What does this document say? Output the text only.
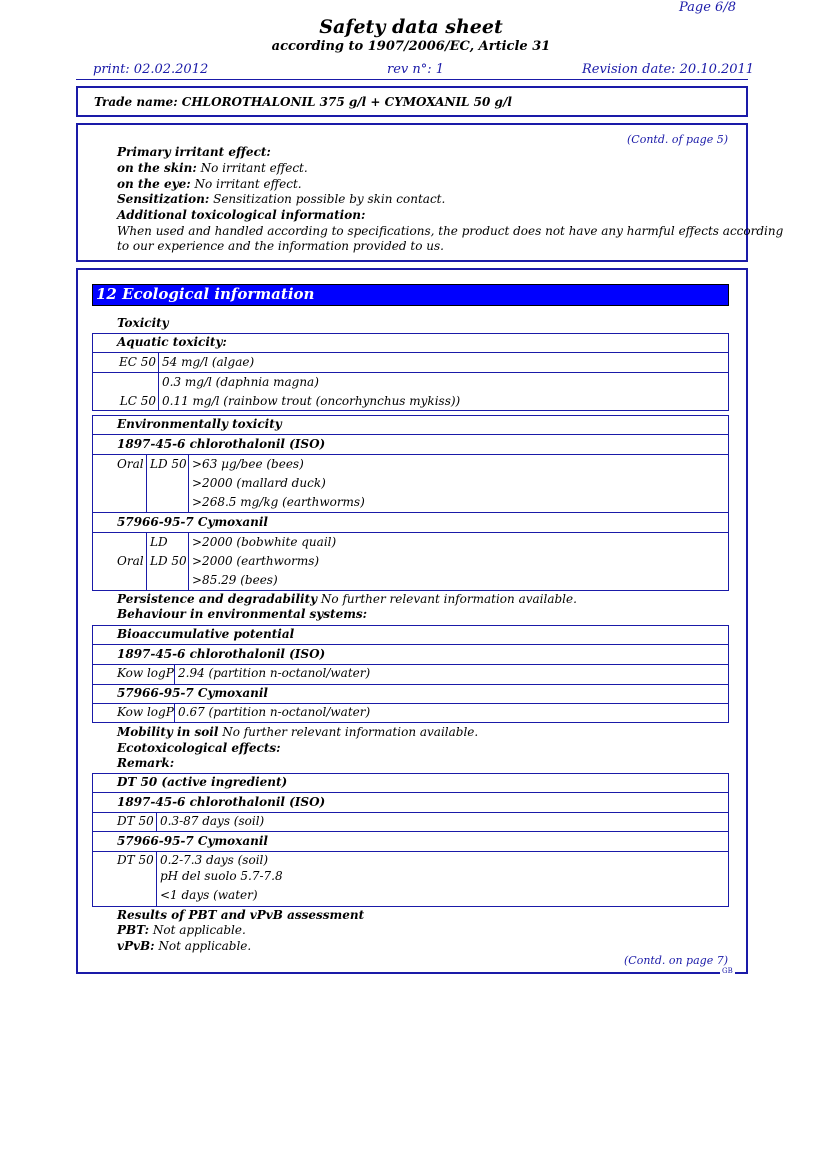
Page 6/8
Safety data sheet
according to 1907/2006/EC, Article 31
print: 02.02.2012	rev n°: 1	Revision date: 20.10.2011
Trade name: CHLOROTHALONIL 375 g/l + CYMOXANIL 50 g/l
(Contd. of page 5)
Primary irritant effect:
on the skin: No irritant effect.
on the eye: No irritant effect.
Sensitization: Sensitization possible by skin contact.
Additional toxicological information:
When used and handled according to specifications, the product does not have any harmful effects according
to our experience and the information provided to us.
12 Ecological information
Toxicity
Aquatic toxicity:
EC 50 54 mg/l (algae)
0.3 mg/l (daphnia magna)
LC 50 0.11 mg/l (rainbow trout (oncorhynchus mykiss))
Environmentally toxicity
1897-45-6 chlorothalonil (ISO)
Oral LD 50 >63 µg/bee (bees)
>2000 (mallard duck)
>268.5 mg/kg (earthworms)
57966-95-7 Cymoxanil
LD >2000 (bobwhite quail)
Oral LD 50 >2000 (earthworms)
>85.29 (bees)
Persistence and degradability No further relevant information available.
Behaviour in environmental systems:
Bioaccumulative potential
1897-45-6 chlorothalonil (ISO)
Kow logP 2.94 (partition n-octanol/water)
57966-95-7 Cymoxanil
Kow logP 0.67 (partition n-octanol/water)
Mobility in soil No further relevant information available.
Ecotoxicological effects:
Remark:
DT 50 (active ingredient)
1897-45-6 chlorothalonil (ISO)
DT 50 0.3-87 days (soil)
57966-95-7 Cymoxanil
DT 50 0.2-7.3 days (soil)
pH del suolo 5.7-7.8
<1 days (water)
Results of PBT and vPvB assessment
PBT: Not applicable.
vPvB: Not applicable.
(Contd. on page 7)
GB
